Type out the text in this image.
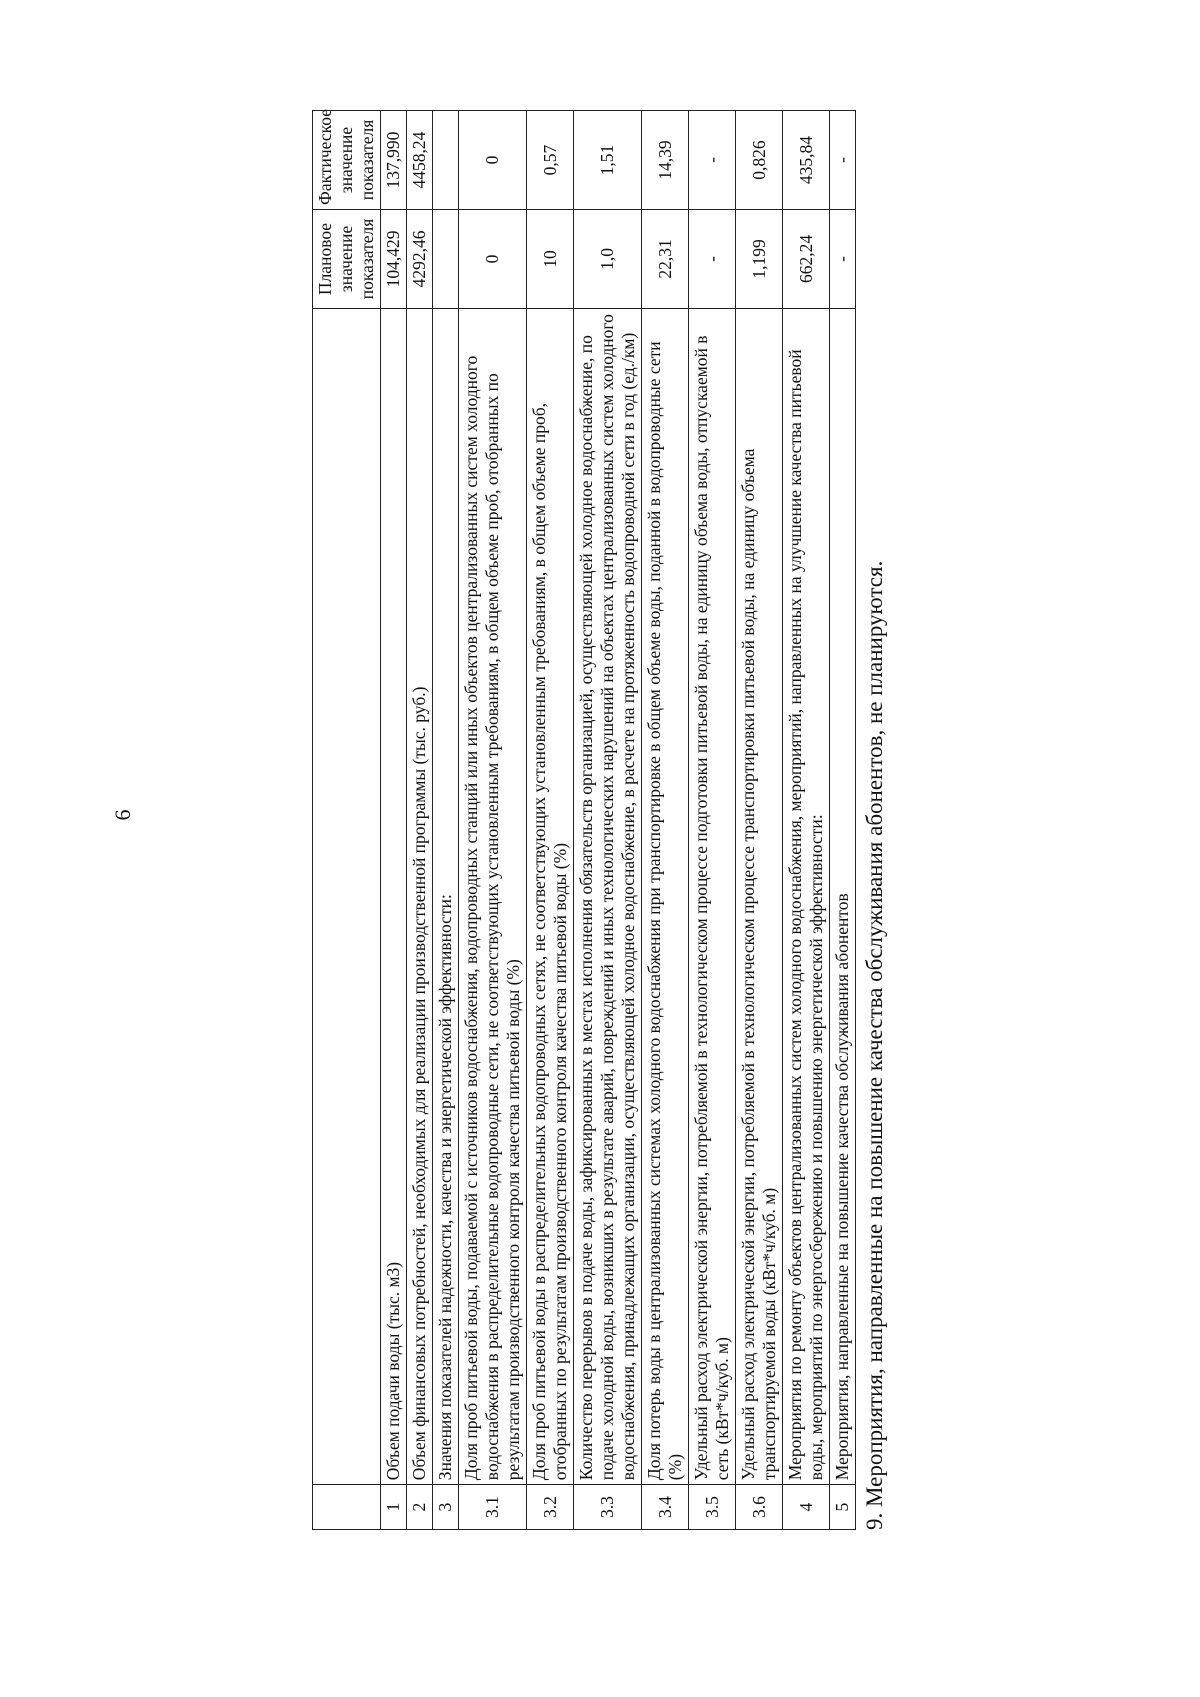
6
		Плановое значение показателя	Фактическое значение показателя
1	Объем подачи воды (тыс. м3)	104,429	137,990
2	Объем финансовых потребностей, необходимых для реализации производственной программы (тыс. руб.)	4292,46	4458,24
3	Значения показателей надежности, качества и энергетической эффективности:		
3.1	Доля проб питьевой воды, подаваемой с источников водоснабжения, водопроводных станций или иных объектов централизованных систем холодного водоснабжения в распределительные водопроводные сети, не соответствующих установленным требованиям, в общем объеме проб, отобранных по результатам производственного контроля качества питьевой воды (%)	0	0
3.2	Доля проб питьевой воды в распределительных водопроводных сетях, не соответствующих установленным требованиям, в общем объеме проб, отобранных по результатам производственного контроля качества питьевой воды (%)	10	0,57
3.3	Количество перерывов в подаче воды, зафиксированных в местах исполнения обязательств организацией, осуществляющей холодное водоснабжение, по подаче холодной воды, возникших в результате аварий, повреждений и иных технологических нарушений на объектах централизованных систем холодного водоснабжения, принадлежащих организации, осуществляющей холодное водоснабжение, в расчете на протяженность водопроводной сети в год (ед./км)	1,0	1,51
3.4	Доля потерь воды в централизованных системах холодного водоснабжения при транспортировке в общем объеме воды, поданной в водопроводные сети (%)	22,31	14,39
3.5	Удельный расход электрической энергии, потребляемой в технологическом процессе подготовки питьевой воды, на единицу объема воды, отпускаемой в сеть (кВт*ч/куб. м)	-	-
3.6	Удельный расход электрической энергии, потребляемой в технологическом процессе транспортировки питьевой воды, на единицу объема транспортируемой воды (кВт*ч/куб. м)	1,199	0,826
4	Мероприятия по ремонту объектов централизованных систем холодного водоснабжения, мероприятий, направленных на улучшение качества питьевой воды, мероприятий по энергосбережению и повышению энергетической эффективности:	662,24	435,84
5	Мероприятия, направленные на повышение качества обслуживания абонентов	-	-
9. Мероприятия, направленные на повышение качества обслуживания абонентов, не планируются.
